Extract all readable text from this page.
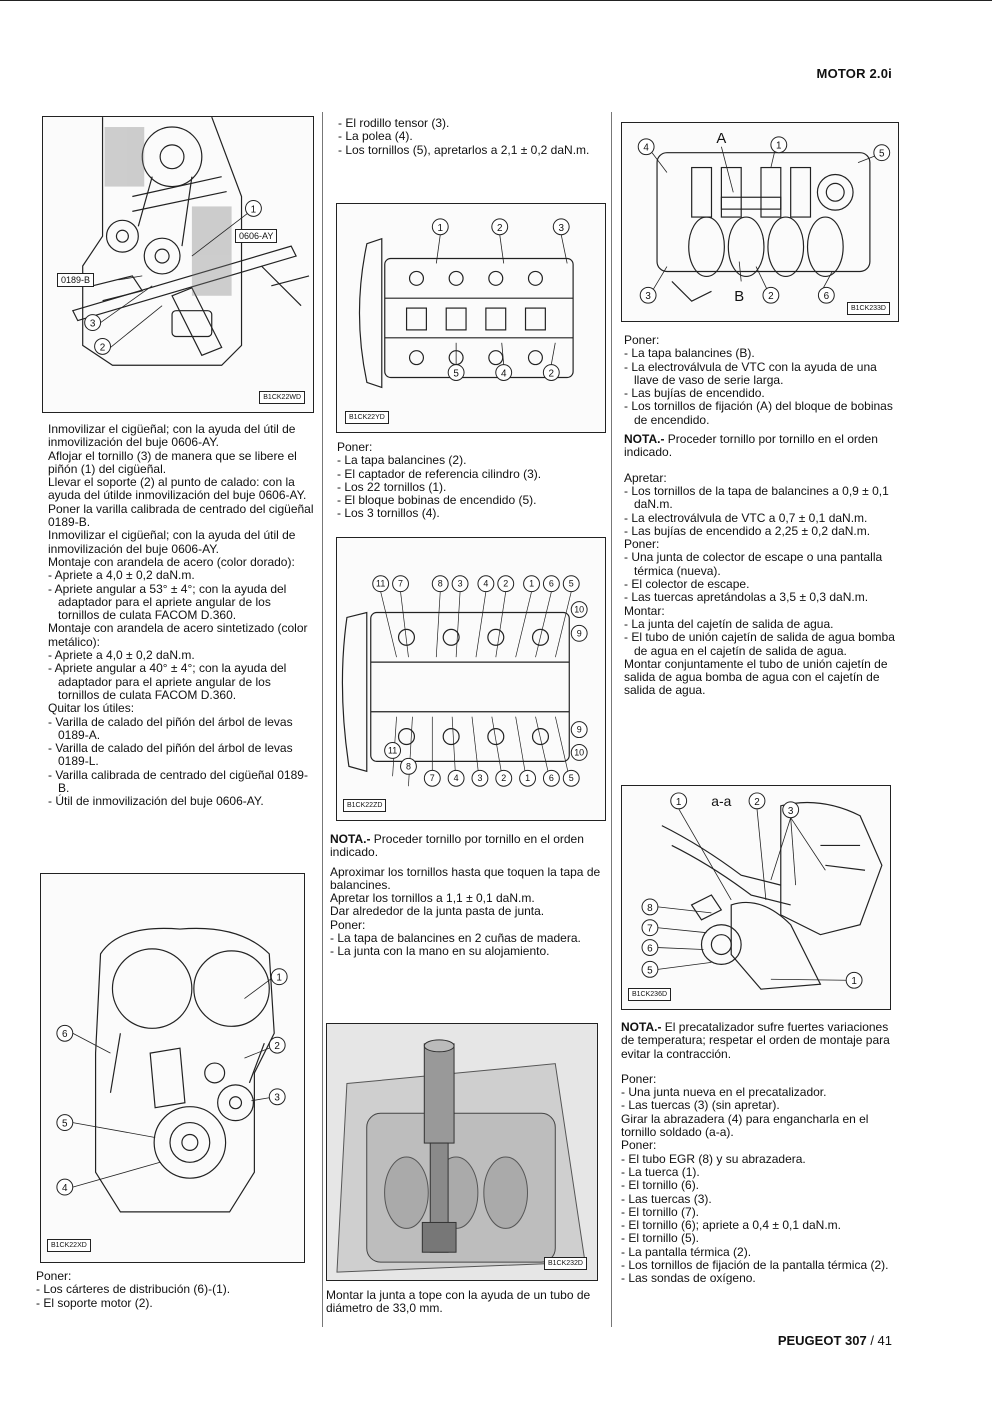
MOTOR 2.0i
1
3
2
0606-AY
0189-B
B1CK22WD

Inmovilizar el cigüeñal; con la ayuda del útil de inmovilización del buje 0606-AY.

Aflojar el tornillo (3) de manera que se libere el piñón (1) del cigüeñal.

Llevar el soporte (2) al punto de calado: con la ayuda del útilde inmovilización del buje 0606-AY.

Poner la varilla calibrada de centrado del cigüeñal 0189-B.

Inmovilizar el cigüeñal; con la ayuda del útil de inmovilización del buje 0606-AY.

Montaje con arandela de acero (color dorado):

- Apriete a 4,0 ± 0,2 daN.m.

- Apriete angular a 53° ± 4°; con la ayuda del adaptador para el apriete angular de los tornillos de culata FACOM D.360.

Montaje con arandela de acero sintetizado (color metálico):

- Apriete a 4,0 ± 0,2 daN.m.

- Apriete angular a 40° ± 4°; con la ayuda del adaptador para el apriete angular de los tornillos de culata FACOM D.360.

Quitar los útiles:

- Varilla de calado del piñón del árbol de levas 0189-A.

- Varilla de calado del piñón del árbol de levas 0189-L.

- Varilla calibrada de centrado del cigüeñal 0189-B.

- Útil de inmovilización del buje 0606-AY.

1
6
2
3
5
4
B1CK22XD

Poner:

- Los cárteres de distribución (6)-(1).

- El soporte motor (2).

- El rodillo tensor (3).

- La polea (4).

- Los tornillos (5), apretarlos a 2,1 ± 0,2 daN.m.

1	2	3
5	4	2
B1CK22YD

Poner:

- La tapa balancines (2).

- El captador de referencia cilindro (3).

- Los 22 tornillos (1).

- El bloque bobinas de encendido (5).

- Los 3 tornillos (4).

11 7	8 3 4 2 1 6 5
10
9
11
8
7 4 3 2 1 6 5
9
10
B1CK22ZD

NOTA.- Proceder tornillo por tornillo en el orden indicado.

Aproximar los tornillos hasta que toquen la tapa de balancines.

Apretar los tornillos a 1,1 ± 0,1 daN.m.

Dar alrededor de la junta pasta de junta.

Poner:

- La tapa de balancines en 2 cuñas de madera.

- La junta con la mano en su alojamiento.

B1CK232D

Montar la junta a tope con la ayuda de un tubo de diámetro de 33,0 mm.

4	1
5
3	2	6
A
B
B1CK233D

Poner:

- La tapa balancines (B).

- La electroválvula de VTC con la ayuda de una llave de vaso de serie larga.

- Las bujías de encendido.

- Los tornillos de fijación (A) del bloque de bobinas de encendido.

NOTA.- Proceder tornillo por tornillo en el orden indicado.

Apretar:

- Los tornillos de la tapa de balancines a 0,9 ± 0,1 daN.m.

- La electroválvula de VTC a 0,7 ± 0,1 daN.m.

- Las bujías de encendido a 2,25 ± 0,2 daN.m.

Poner:

- Una junta de colector de escape o una pantalla térmica (nueva).

- El colector de escape.

- Las tuercas apretándolas a 3,5 ± 0,3 daN.m.

Montar:

- La junta del cajetín de salida de agua.

- El tubo de unión cajetín de salida de agua bomba de agua en el cajetín de salida de agua.

Montar conjuntamente el tubo de unión cajetín de salida de agua bomba de agua con el cajetín de salida de agua.

1	2
3
8
7
6
5
1
a-a
B1CK236D

NOTA.- El precatalizador sufre fuertes variaciones de temperatura; respetar el orden de montaje para evitar la contracción.

Poner:

- Una junta nueva en el precatalizador.

- Las tuercas (3) (sin apretar).

Girar la abrazadera (4) para engancharla en el tornillo soldado (a-a).

Poner:

- El tubo EGR (8) y su abrazadera.

- La tuerca (1).

- El tornillo (6).

- Las tuercas (3).

- El tornillo (7).

- El tornillo (6); apriete a 0,4 ± 0,1 daN.m.

- El tornillo (5).

- La pantalla térmica (2).

- Los tornillos de fijación de la pantalla térmica (2).

- Las sondas de oxígeno.

PEUGEOT 307 / 41
